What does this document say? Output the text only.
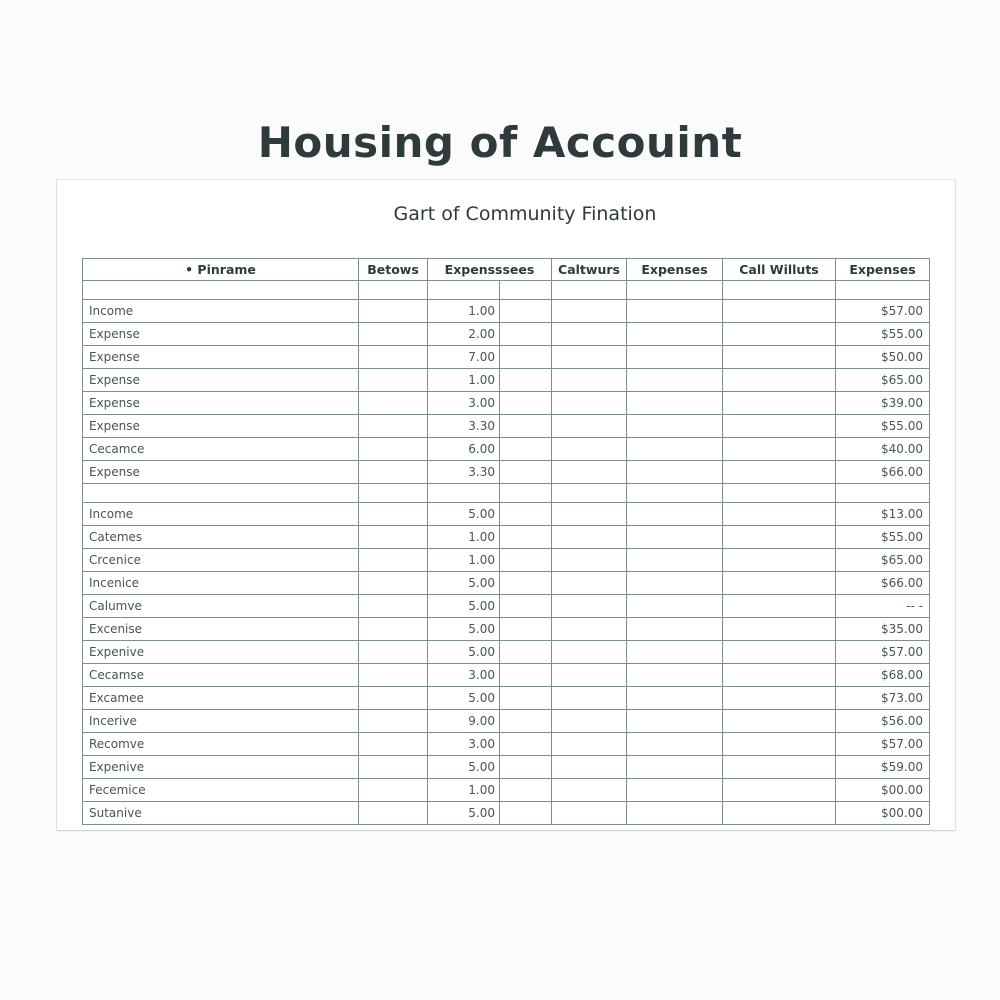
Housing of Accouint
Gart of Community Fination
• Pinrame	Betows	Expensssees		Caltwurs	Expenses	Call Willuts	Expenses

Income		1.00					$57.00
Expense		2.00					$55.00
Expense		7.00					$50.00
Expense		1.00					$65.00
Expense		3.00					$39.00
Expense		3.30					$55.00
Cecamce		6.00					$40.00
Expense		3.30					$66.00

Income		5.00					$13.00
Catemes		1.00					$55.00
Crcenice		1.00					$65.00
Incenice		5.00					$66.00
Calumve		5.00					-- -
Excenise		5.00					$35.00
Expenive		5.00					$57.00
Cecamse		3.00					$68.00
Excamee		5.00					$73.00
Incerive		9.00					$56.00
Recomve		3.00					$57.00
Expenive		5.00					$59.00
Fecemice		1.00					$00.00
Sutanive		5.00					$00.00
